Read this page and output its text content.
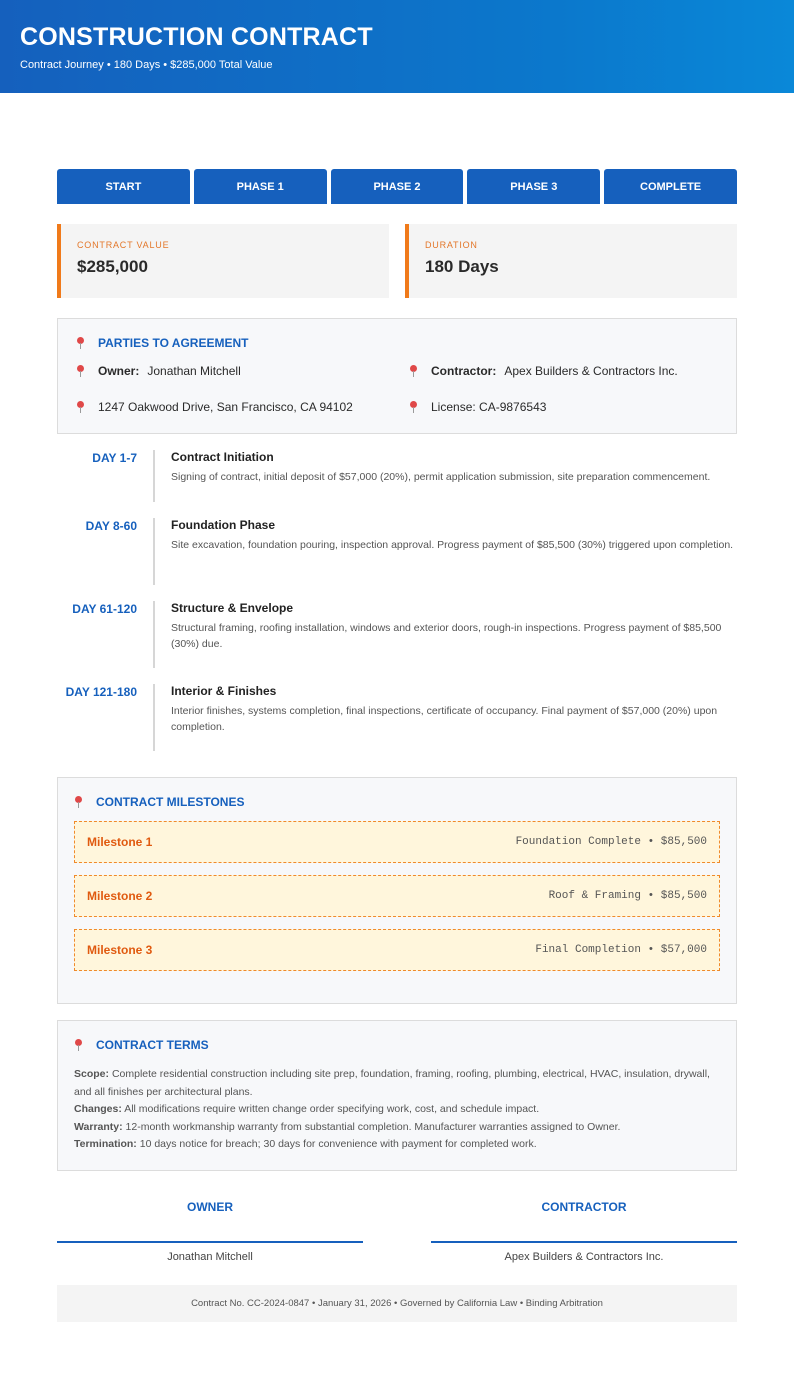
CONSTRUCTION CONTRACT
Contract Journey • 180 Days • $285,000 Total Value
START	PHASE 1	PHASE 2	PHASE 3	COMPLETE
CONTRACT VALUE
$285,000
DURATION
180 Days
PARTIES TO AGREEMENT
Owner: Jonathan Mitchell	Contractor: Apex Builders & Contractors Inc.
1247 Oakwood Drive, San Francisco, CA 94102	License: CA-9876543
DAY 1-7	Contract Initiation
Signing of contract, initial deposit of $57,000 (20%), permit application submission, site preparation commencement.
DAY 8-60	Foundation Phase
Site excavation, foundation pouring, inspection approval. Progress payment of $85,500 (30%) triggered upon completion.
DAY 61-120	Structure & Envelope
Structural framing, roofing installation, windows and exterior doors, rough-in inspections. Progress payment of $85,500 (30%) due.
DAY 121-180	Interior & Finishes
Interior finishes, systems completion, final inspections, certificate of occupancy. Final payment of $57,000 (20%) upon completion.
CONTRACT MILESTONES
Milestone 1	Foundation Complete • $85,500
Milestone 2	Roof & Framing • $85,500
Milestone 3	Final Completion • $57,000
CONTRACT TERMS
Scope: Complete residential construction including site prep, foundation, framing, roofing, plumbing, electrical, HVAC, insulation, drywall, and all finishes per architectural plans.
Changes: All modifications require written change order specifying work, cost, and schedule impact.
Warranty: 12-month workmanship warranty from substantial completion. Manufacturer warranties assigned to Owner.
Termination: 10 days notice for breach; 30 days for convenience with payment for completed work.
OWNER
Jonathan Mitchell
CONTRACTOR
Apex Builders & Contractors Inc.
Contract No. CC-2024-0847 • January 31, 2026 • Governed by California Law • Binding Arbitration
